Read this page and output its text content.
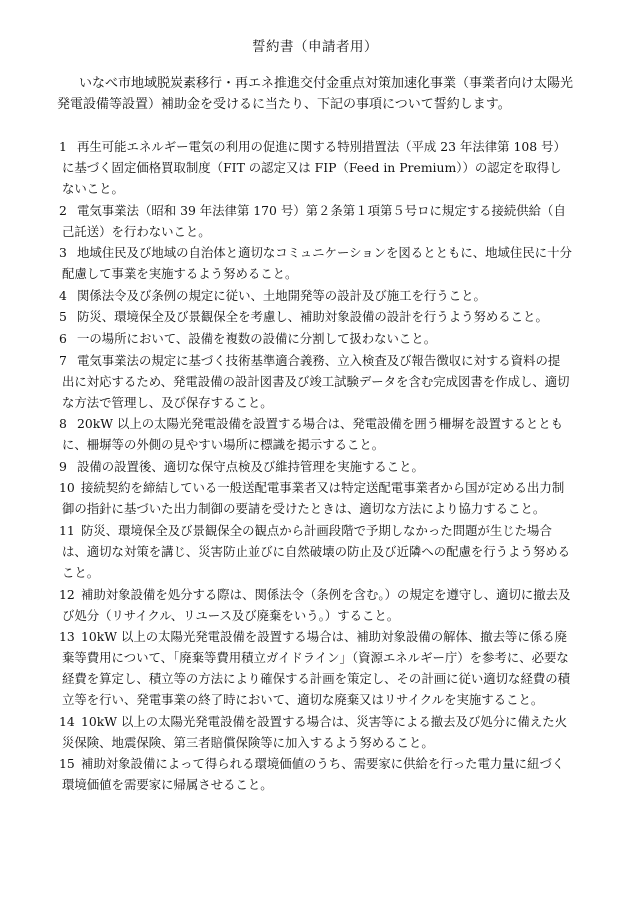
誓約書（申請者用）

いなべ市地域脱炭素移行・再エネ推進交付金重点対策加速化事業（事業者向け太陽光発電設備等設置）補助金を受けるに当たり、下記の事項について誓約します。

1 再生可能エネルギー電気の利用の促進に関する特別措置法（平成 23 年法律第 108 号）に基づく固定価格買取制度（FIT の認定又は FIP（Feed in Premium））の認定を取得しないこと。
2 電気事業法（昭和 39 年法律第 170 号）第２条第１項第５号ロに規定する接続供給（自己託送）を行わないこと。
3 地域住民及び地域の自治体と適切なコミュニケーションを図るとともに、地域住民に十分配慮して事業を実施するよう努めること。
4 関係法令及び条例の規定に従い、土地開発等の設計及び施工を行うこと。
5 防災、環境保全及び景観保全を考慮し、補助対象設備の設計を行うよう努めること。
6 一の場所において、設備を複数の設備に分割して扱わないこと。
7 電気事業法の規定に基づく技術基準適合義務、立入検査及び報告徴収に対する資料の提出に対応するため、発電設備の設計図書及び竣工試験データを含む完成図書を作成し、適切な方法で管理し、及び保存すること。
8 20kW 以上の太陽光発電設備を設置する場合は、発電設備を囲う柵塀を設置するとともに、柵塀等の外側の見やすい場所に標識を掲示すること。
9 設備の設置後、適切な保守点検及び維持管理を実施すること。
10 接続契約を締結している一般送配電事業者又は特定送配電事業者から国が定める出力制御の指針に基づいた出力制御の要請を受けたときは、適切な方法により協力すること。
11 防災、環境保全及び景観保全の観点から計画段階で予期しなかった問題が生じた場合は、適切な対策を講じ、災害防止並びに自然破壊の防止及び近隣への配慮を行うよう努めること。
12 補助対象設備を処分する際は、関係法令（条例を含む。）の規定を遵守し、適切に撤去及び処分（リサイクル、リユース及び廃棄をいう。）すること。
13 10kW 以上の太陽光発電設備を設置する場合は、補助対象設備の解体、撤去等に係る廃棄等費用について、「廃棄等費用積立ガイドライン」（資源エネルギー庁）を参考に、必要な経費を算定し、積立等の方法により確保する計画を策定し、その計画に従い適切な経費の積立等を行い、発電事業の終了時において、適切な廃棄又はリサイクルを実施すること。
14 10kW 以上の太陽光発電設備を設置する場合は、災害等による撤去及び処分に備えた火災保険、地震保険、第三者賠償保険等に加入するよう努めること。
15 補助対象設備によって得られる環境価値のうち、需要家に供給を行った電力量に紐づく環境価値を需要家に帰属させること。
